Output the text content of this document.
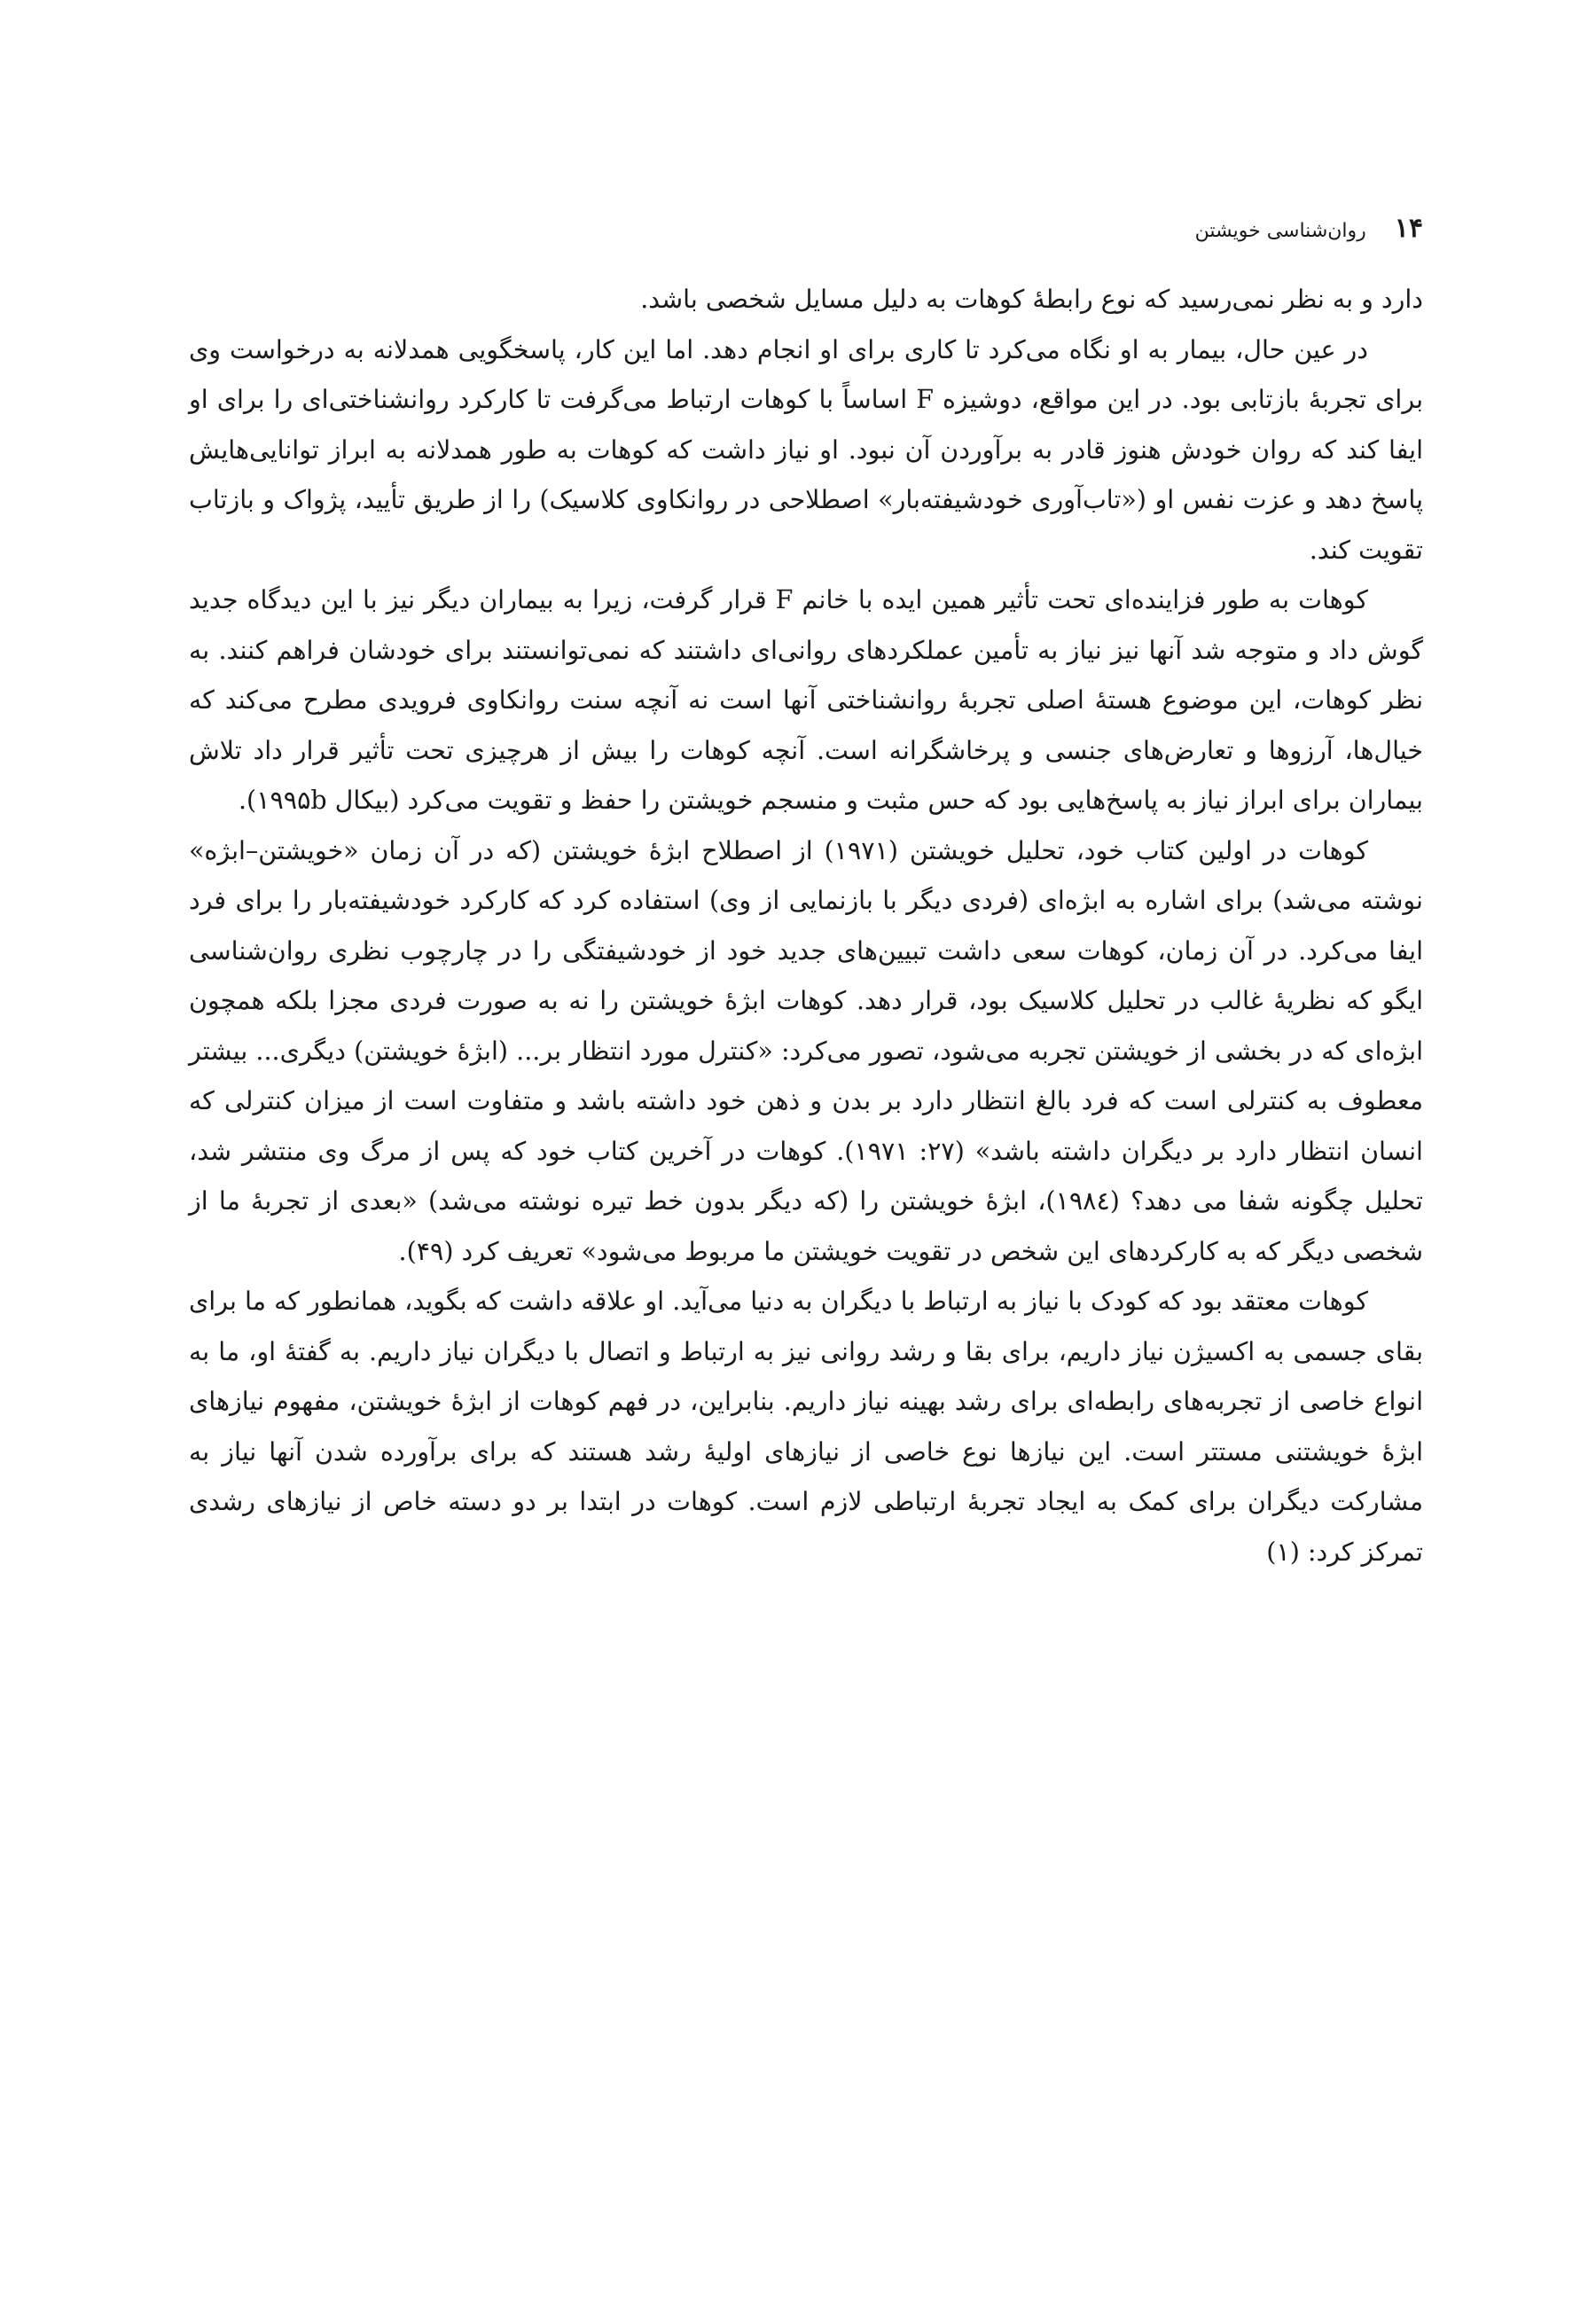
۱۴
روان‌شناسی خویشتن

دارد و به نظر نمی‌رسید که نوع رابطهٔ کوهات به دلیل مسایل شخصی باشد.

در عین حال، بیمار به او نگاه می‌کرد تا کاری برای او انجام دهد. اما این کار، پاسخگویی همدلانه به درخواست وی برای تجربهٔ بازتابی بود. در این مواقع، دوشیزه F اساساً با کوهات ارتباط می‌گرفت تا کارکرد روانشناختی‌ای را برای او ایفا کند که روان خودش هنوز قادر به برآوردن آن نبود. او نیاز داشت که کوهات به طور همدلانه به ابراز توانایی‌هایش پاسخ دهد و عزت نفس او («تاب‌آوری خودشیفته‌بار» اصطلاحی در روانکاوی کلاسیک) را از طریق تأیید، پژواک و بازتاب تقویت کند.

کوهات به طور فزاینده‌ای تحت تأثیر همین ایده با خانم F قرار گرفت، زیرا به بیماران دیگر نیز با این دیدگاه جدید گوش داد و متوجه شد آنها نیز نیاز به تأمین عملکردهای روانی‌ای داشتند که نمی‌توانستند برای خودشان فراهم کنند. به نظر کوهات، این موضوع هستهٔ اصلی تجربهٔ روانشناختی آنها است نه آنچه سنت روانکاوی فرویدی مطرح می‌کند که خیال‌ها، آرزوها و تعارض‌های جنسی و پرخاشگرانه است. آنچه کوهات را بیش از هرچیزی تحت تأثیر قرار داد تلاش بیماران برای ابراز نیاز به پاسخ‌هایی بود که حس مثبت و منسجم خویشتن را حفظ و تقویت می‌کرد (بیکال ۱۹۹۵b).

کوهات در اولین کتاب خود، تحلیل خویشتن (۱۹۷۱) از اصطلاح ابژهٔ خویشتن (که در آن زمان «خویشتن–ابژه» نوشته می‌شد) برای اشاره به ابژه‌ای (فردی دیگر با بازنمایی از وی) استفاده کرد که کارکرد خودشیفته‌بار را برای فرد ایفا می‌کرد. در آن زمان، کوهات سعی داشت تبیین‌های جدید خود از خودشیفتگی را در چارچوب نظری روان‌شناسی ایگو که نظریهٔ غالب در تحلیل کلاسیک بود، قرار دهد. کوهات ابژهٔ خویشتن را نه به صورت فردی مجزا بلکه همچون ابژه‌ای که در بخشی از خویشتن تجربه می‌شود، تصور می‌کرد: «کنترل مورد انتظار بر... (ابژهٔ خویشتن) دیگری... بیشتر معطوف به کنترلی است که فرد بالغ انتظار دارد بر بدن و ذهن خود داشته باشد و متفاوت است از میزان کنترلی که انسان انتظار دارد بر دیگران داشته باشد» (۲۷: ۱۹۷۱). کوهات در آخرین کتاب خود که پس از مرگ وی منتشر شد، تحلیل چگونه شفا می دهد؟ (۱۹۸٤)، ابژهٔ خویشتن را (که دیگر بدون خط تیره نوشته می‌شد) «بعدی از تجربهٔ ما از شخصی دیگر که به کارکردهای این شخص در تقویت خویشتن ما مربوط می‌شود» تعریف کرد (۴۹).

کوهات معتقد بود که کودک با نیاز به ارتباط با دیگران به دنیا می‌آید. او علاقه داشت که بگوید، همانطور که ما برای بقای جسمی به اکسیژن نیاز داریم، برای بقا و رشد روانی نیز به ارتباط و اتصال با دیگران نیاز داریم. به گفتهٔ او، ما به انواع خاصی از تجربه‌های رابطه‌ای برای رشد بهینه نیاز داریم. بنابراین، در فهم کوهات از ابژهٔ خویشتن، مفهوم نیازهای ابژهٔ خویشتنی مستتر است. این نیازها نوع خاصی از نیازهای اولیهٔ رشد هستند که برای برآورده شدن آنها نیاز به مشارکت دیگران برای کمک به ایجاد تجربهٔ ارتباطی لازم است. کوهات در ابتدا بر دو دسته خاص از نیازهای رشدی تمرکز کرد: (۱)
